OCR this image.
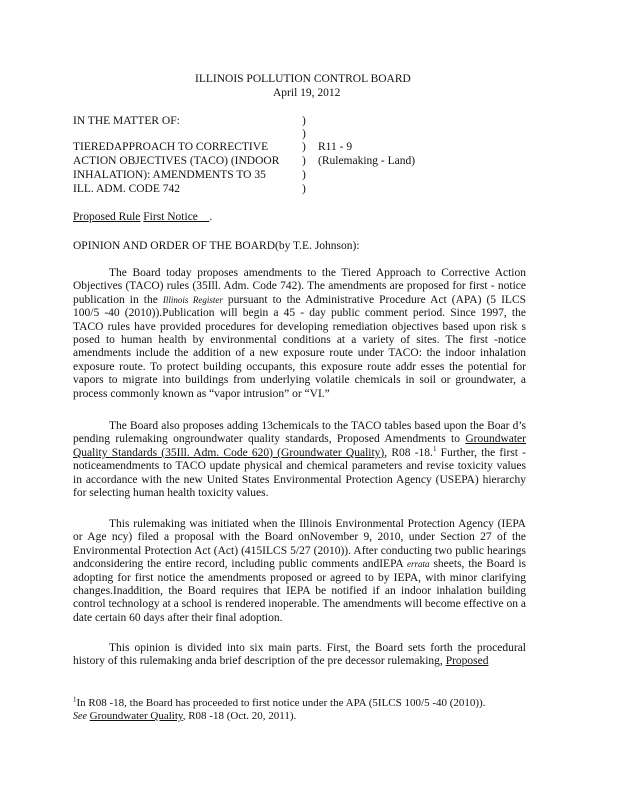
ILLINOIS POLLUTION CONTROL BOARD
April 19, 2012
IN THE MATTER OF:
TIEREDAPPROACH TO CORRECTIVE
ACTION OBJECTIVES (TACO) (INDOOR
INHALATION): AMENDMENTS TO 35
ILL. ADM. CODE 742
)
)
)
)
)
)
R11 - 9
(Rulemaking - Land)
Proposed Rule First Notice .
OPINION AND ORDER OF THE BOARD(by T.E. Johnson):
The Board today proposes amendments to the Tiered Approach to Corrective Action Objectives (TACO) rules (35Ill. Adm. Code 742). The amendments are proposed for first - notice publication in the Illinois Register pursuant to the Administrative Procedure Act (APA) (5 ILCS 100/5 -40 (2010)).Publication will begin a 45 - day public comment period. Since 1997, the TACO rules have provided procedures for developing remediation objectives based upon risk s posed to human health by environmental conditions at a variety of sites. The first -notice amendments include the addition of a new exposure route under TACO: the indoor inhalation exposure route. To protect building occupants, this exposure route addr esses the potential for vapors to migrate into buildings from underlying volatile chemicals in soil or groundwater, a process commonly known as “vapor intrusion” or “VI.”
The Board also proposes adding 13chemicals to the TACO tables based upon the Boar d’s pending rulemaking ongroundwater quality standards, Proposed Amendments to Groundwater Quality Standards (35Ill. Adm. Code 620) (Groundwater Quality), R08 -18.$^1$ Further, the first -noticeamendments to TACO update physical and chemical parameters and revise toxicity values in accordance with the new United States Environmental Protection Agency (USEPA) hierarchy for selecting human health toxicity values.
This rulemaking was initiated when the Illinois Environmental Protection Agency (IEPA or Age ncy) filed a proposal with the Board onNovember 9, 2010, under Section 27 of the Environmental Protection Act (Act) (415ILCS 5/27 (2010)). After conducting two public hearings andconsidering the entire record, including public comments andIEPA errata sheets, the Board is adopting for first notice the amendments proposed or agreed to by IEPA, with minor clarifying changes.Inaddition, the Board requires that IEPA be notified if an indoor inhalation building control technology at a school is rendered inoperable. The amendments will become effective on a date certain 60 days after their final adoption.
This opinion is divided into six main parts. First, the Board sets forth the procedural history of this rulemaking anda brief description of the pre decessor rulemaking, Proposed
$^1$In R08 -18, the Board has proceeded to first notice under the APA (5ILCS 100/5 -40 (2010)).
See Groundwater Quality, R08 -18 (Oct. 20, 2011).
